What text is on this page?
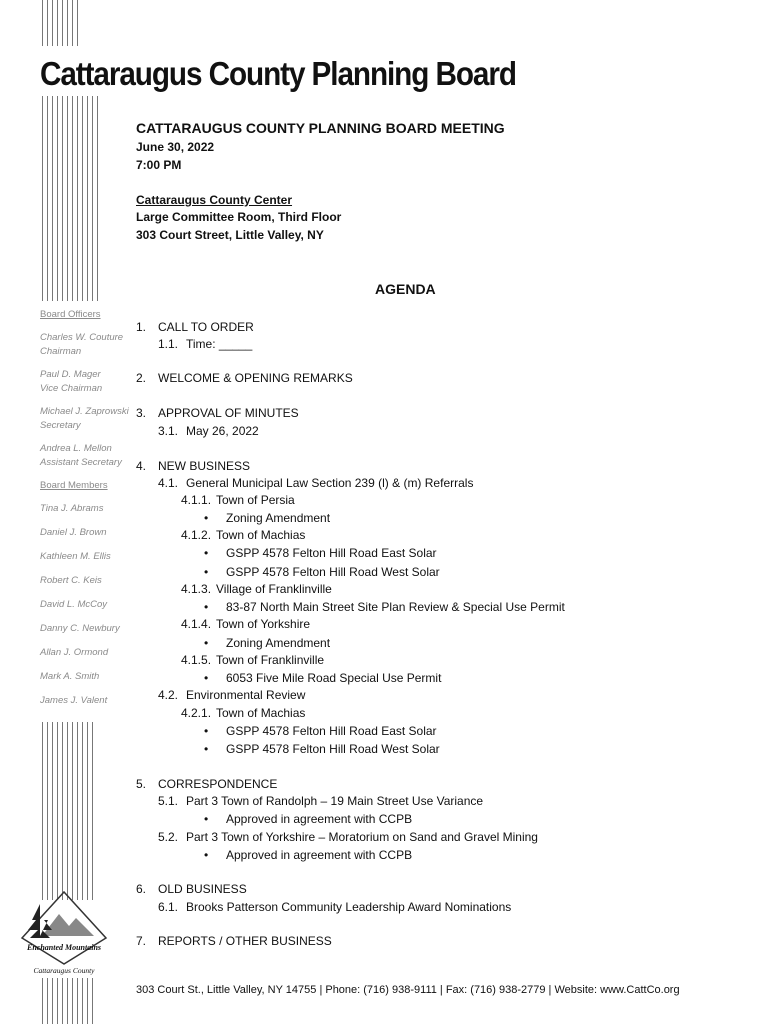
Cattaraugus County Planning Board
CATTARAUGUS COUNTY PLANNING BOARD MEETING
June 30, 2022
7:00 PM
Cattaraugus County Center
Large Committee Room, Third Floor
303 Court Street, Little Valley, NY
AGENDA
Board Officers
Charles W. Couture
Chairman
Paul D. Mager
Vice Chairman
Michael J. Zaprowski
Secretary
Andrea L. Mellon
Assistant Secretary
Board Members
Tina J. Abrams
Daniel J. Brown
Kathleen M. Ellis
Robert C. Keis
David L. McCoy
Danny C. Newbury
Allan J. Ormond
Mark A. Smith
James J. Valent
1. CALL TO ORDER
1.1. Time: _____
2. WELCOME & OPENING REMARKS
3. APPROVAL OF MINUTES
3.1. May 26, 2022
4. NEW BUSINESS
4.1. General Municipal Law Section 239 (l) & (m) Referrals
4.1.1. Town of Persia
• Zoning Amendment
4.1.2. Town of Machias
• GSPP 4578 Felton Hill Road East Solar
• GSPP 4578 Felton Hill Road West Solar
4.1.3. Village of Franklinville
• 83-87 North Main Street Site Plan Review & Special Use Permit
4.1.4. Town of Yorkshire
• Zoning Amendment
4.1.5. Town of Franklinville
• 6053 Five Mile Road Special Use Permit
4.2. Environmental Review
4.2.1. Town of Machias
• GSPP 4578 Felton Hill Road East Solar
• GSPP 4578 Felton Hill Road West Solar
5. CORRESPONDENCE
5.1. Part 3 Town of Randolph – 19 Main Street Use Variance
• Approved in agreement with CCPB
5.2. Part 3 Town of Yorkshire – Moratorium on Sand and Gravel Mining
• Approved in agreement with CCPB
6. OLD BUSINESS
6.1. Brooks Patterson Community Leadership Award Nominations
7. REPORTS / OTHER BUSINESS
Enchanted Mountains
Cattaraugus County
303 Court St., Little Valley, NY 14755 | Phone: (716) 938-9111 | Fax: (716) 938-2779 | Website: www.CattCo.org
